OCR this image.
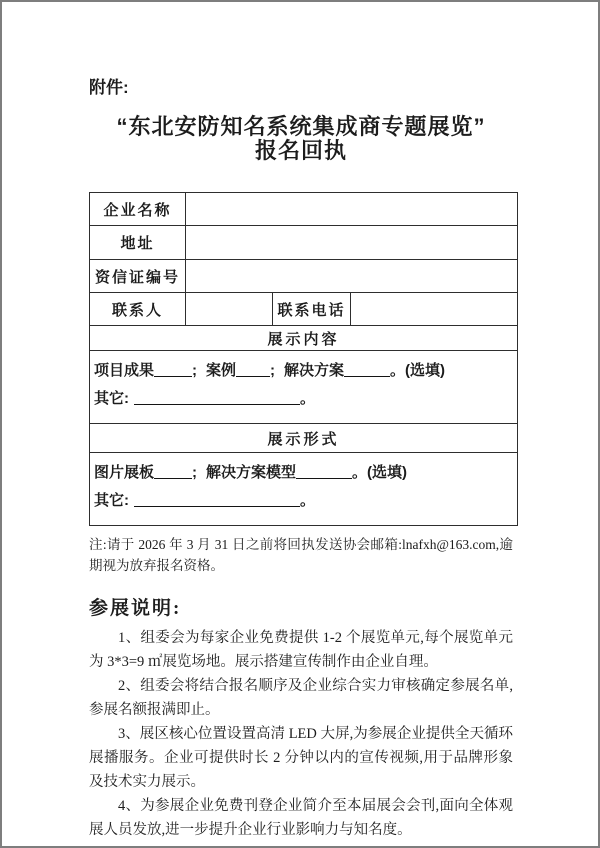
附件:
“东北安防知名系统集成商专题展览”
报名回执
企业名称			
地址			
资信证编号			
联系人		联系电话	
展示内容			

项目成果 ; 案例 ; 解决方案 。(选填)
其它: 。			

展示形式			

图片展板 ; 解决方案模型 。(选填)
其它: 。			

注:请于 2026 年 3 月 31 日之前将回执发送协会邮箱:lnafxh@163.com,逾期视为放弃报名资格。

参展说明:

1、组委会为每家企业免费提供 1-2 个展览单元,每个展览单元为 3*3=9 ㎡展览场地。展示搭建宣传制作由企业自理。

2、组委会将结合报名顺序及企业综合实力审核确定参展名单,参展名额报满即止。

3、展区核心位置设置高清 LED 大屏,为参展企业提供全天循环展播服务。企业可提供时长 2 分钟以内的宣传视频,用于品牌形象及技术实力展示。

4、为参展企业免费刊登企业简介至本届展会会刊,面向全体观展人员发放,进一步提升企业行业影响力与知名度。
